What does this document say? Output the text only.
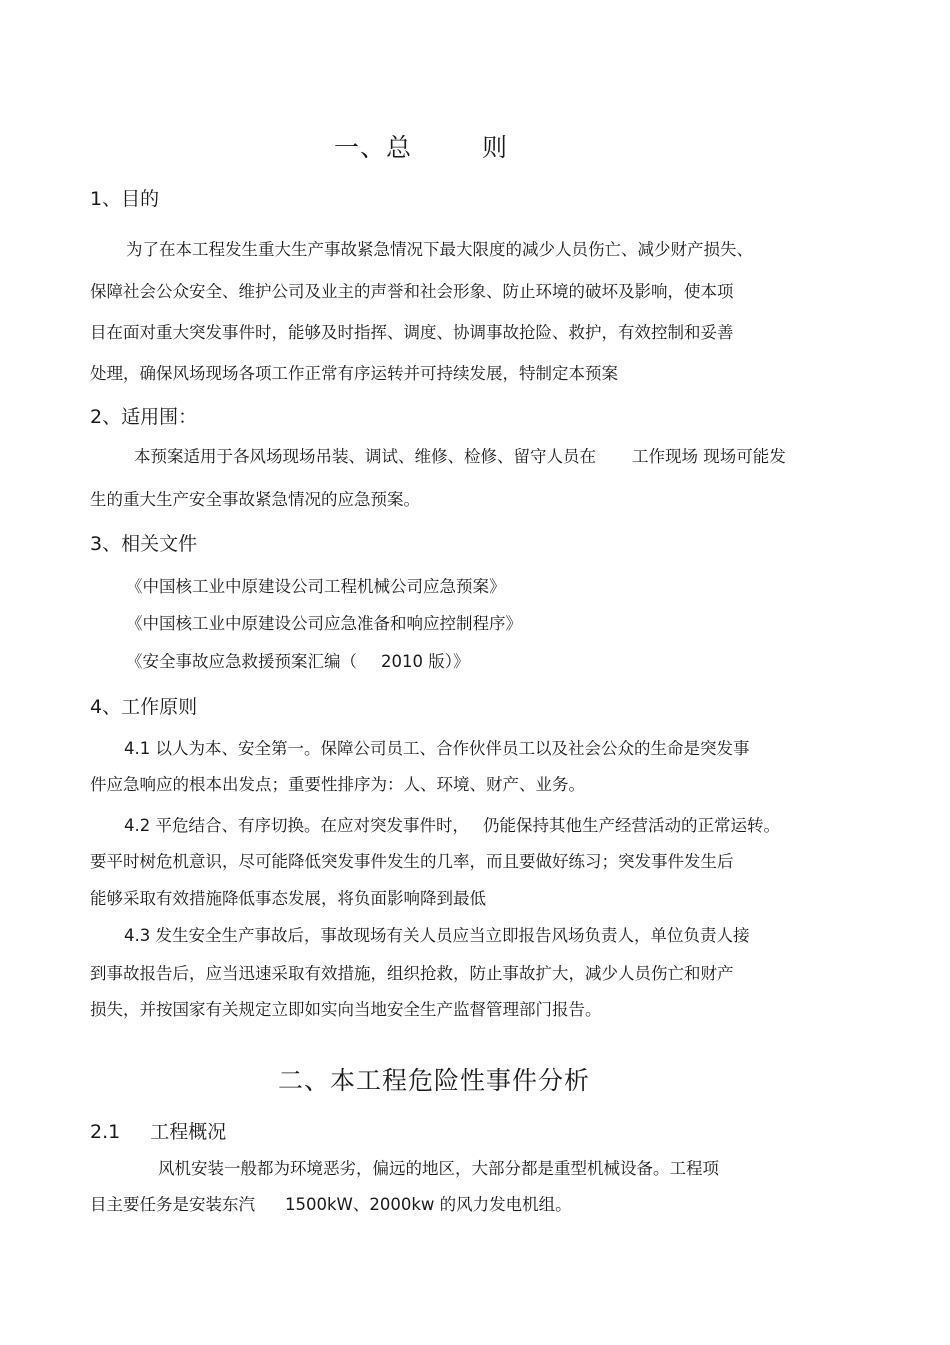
一、总	则
1、目的
为了在本工程发生重大生产事故紧急情况下最大限度的减少人员伤亡、减少财产损失、
保障社会公众安全、维护公司及业主的声誉和社会形象、防止环境的破坏及影响，使本项
目在面对重大突发事件时，能够及时指挥、调度、协调事故抢险、救护，有效控制和妥善
处理，确保风场现场各项工作正常有序运转并可持续发展，特制定本预案
2、适用围：
本预案适用于各风场现场吊装、调试、维修、检修、留守人员在 工作现场 现场可能发
生的重大生产安全事故紧急情况的应急预案。
3、相关文件
《中国核工业中原建设公司工程机械公司应急预案》
《中国核工业中原建设公司应急准备和响应控制程序》
《安全事故应急救援预案汇编（ 2010 版）》
4、工作原则
4.1 以人为本、安全第一。保障公司员工、合作伙伴员工以及社会公众的生命是突发事
件应急响应的根本出发点；重要性排序为：人、环境、财产、业务。
4.2 平危结合、有序切换。在应对突发事件时， 仍能保持其他生产经营活动的正常运转。
要平时树危机意识，尽可能降低突发事件发生的几率，而且要做好练习；突发事件发生后
能够采取有效措施降低事态发展，将负面影响降到最低
4.3 发生安全生产事故后，事故现场有关人员应当立即报告风场负责人，单位负责人接
到事故报告后，应当迅速采取有效措施，组织抢救，防止事故扩大，减少人员伤亡和财产
损失，并按国家有关规定立即如实向当地安全生产监督管理部门报告。
二、本工程危险性事件分析
2.1 工程概况
风机安装一般都为环境恶劣，偏远的地区，大部分都是重型机械设备。工程项
目主要任务是安装东汽 1500kW、2000kw 的风力发电机组。
